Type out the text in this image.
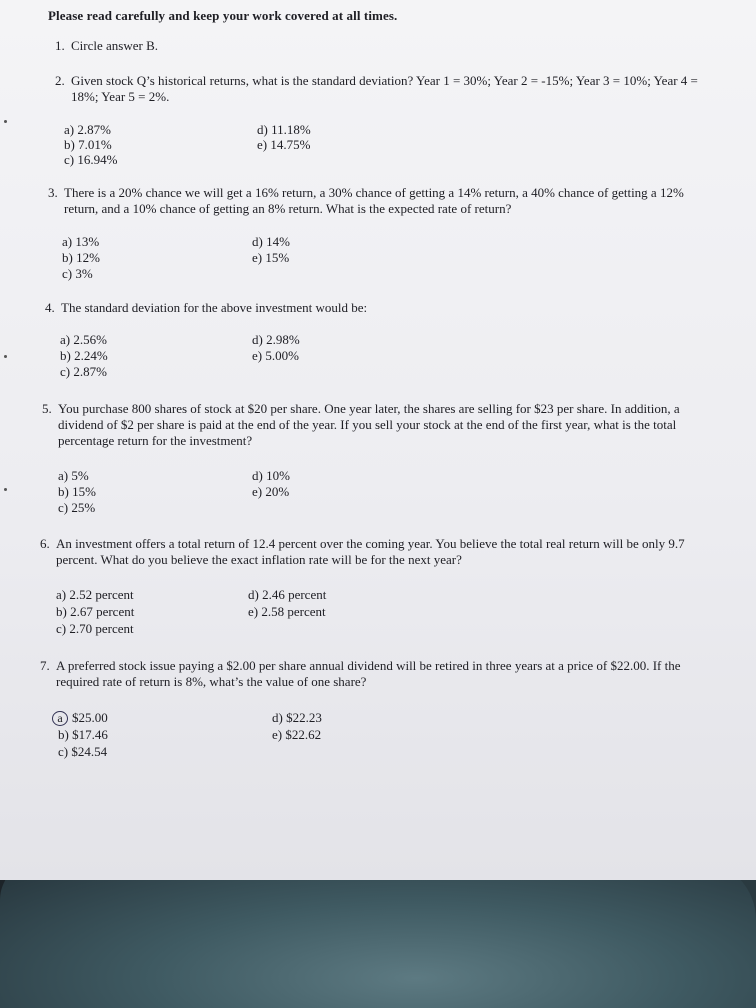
Please read carefully and keep your work covered at all times.
1. Circle answer B.
2. Given stock Q’s historical returns, what is the standard deviation? Year 1 = 30%; Year 2 = -15%; Year 3 = 10%; Year 4 = 18%; Year 5 = 2%.
a) 2.87%
b) 7.01%
c) 16.94%
d) 11.18%
e) 14.75%
3. There is a 20% chance we will get a 16% return, a 30% chance of getting a 14% return, a 40% chance of getting a 12% return, and a 10% chance of getting an 8% return. What is the expected rate of return?
a) 13%
b) 12%
c) 3%
d) 14%
e) 15%
4. The standard deviation for the above investment would be:
a) 2.56%
b) 2.24%
c) 2.87%
d) 2.98%
e) 5.00%
5. You purchase 800 shares of stock at $20 per share. One year later, the shares are selling for $23 per share. In addition, a dividend of $2 per share is paid at the end of the year. If you sell your stock at the end of the first year, what is the total percentage return for the investment?
a) 5%
b) 15%
c) 25%
d) 10%
e) 20%
6. An investment offers a total return of 12.4 percent over the coming year. You believe the total real return will be only 9.7 percent. What do you believe the exact inflation rate will be for the next year?
a) 2.52 percent
b) 2.67 percent
c) 2.70 percent
d) 2.46 percent
e) 2.58 percent
7. A preferred stock issue paying a $2.00 per share annual dividend will be retired in three years at a price of $22.00. If the required rate of return is 8%, what’s the value of one share?
a $25.00
b) $17.46
c) $24.54
d) $22.23
e) $22.62
